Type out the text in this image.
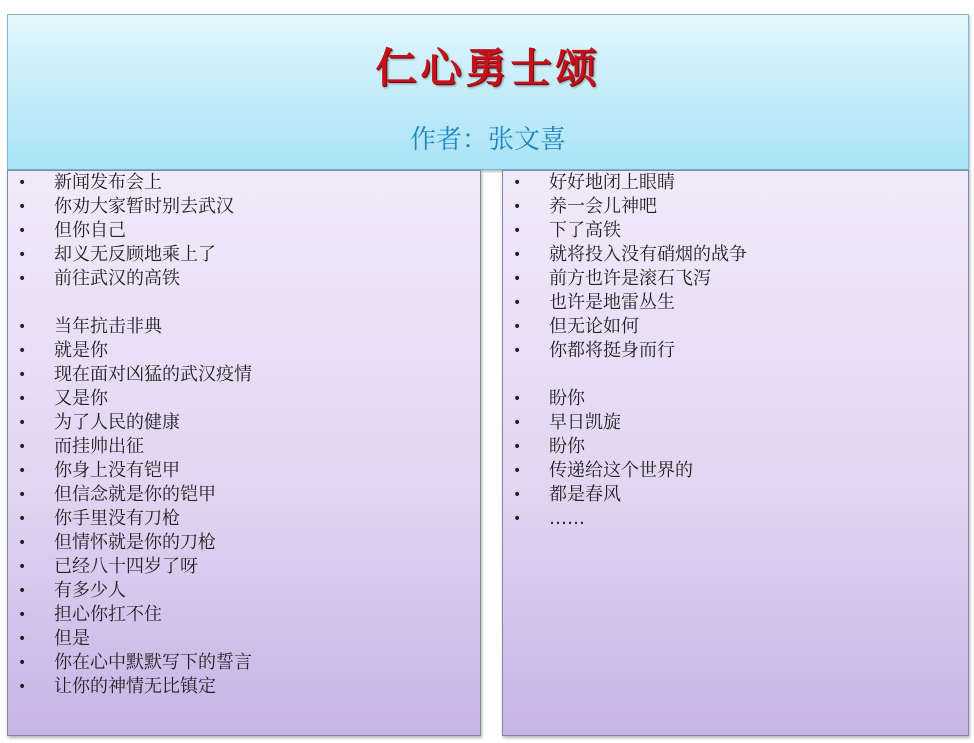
仁心勇士颂
作者：张文喜
• 新闻发布会上
• 你劝大家暂时别去武汉
• 但你自己
• 却义无反顾地乘上了
• 前往武汉的高铁
• 当年抗击非典
• 就是你
• 现在面对凶猛的武汉疫情
• 又是你
• 为了人民的健康
• 而挂帅出征
• 你身上没有铠甲
• 但信念就是你的铠甲
• 你手里没有刀枪
• 但情怀就是你的刀枪
• 已经八十四岁了呀
• 有多少人
• 担心你扛不住
• 但是
• 你在心中默默写下的誓言
• 让你的神情无比镇定
• 好好地闭上眼睛
• 养一会儿神吧
• 下了高铁
• 就将投入没有硝烟的战争
• 前方也许是滚石飞泻
• 也许是地雷丛生
• 但无论如何
• 你都将挺身而行
• 盼你
• 早日凯旋
• 盼你
• 传递给这个世界的
• 都是春风
• ……
